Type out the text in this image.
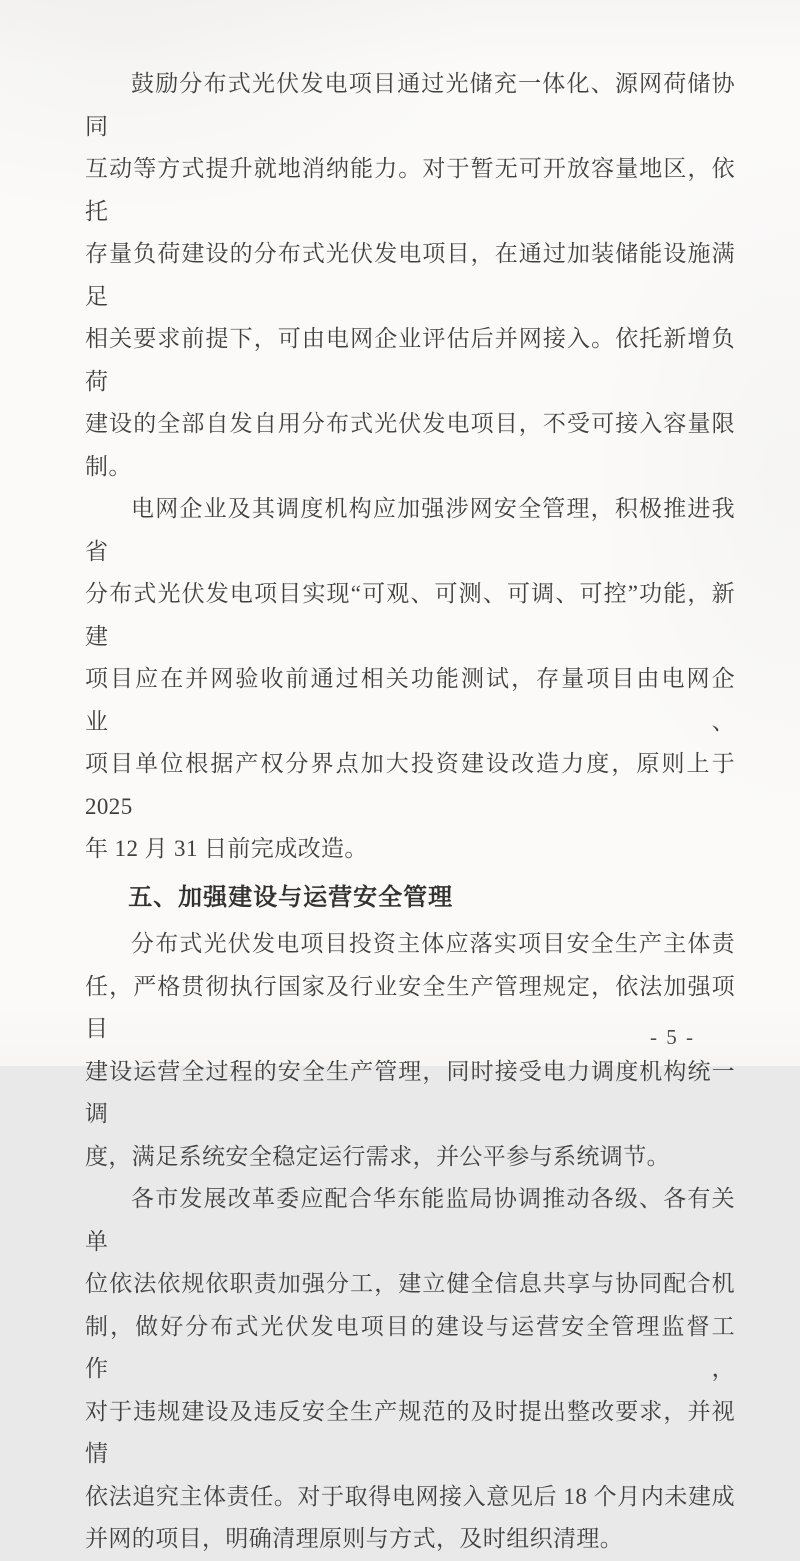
鼓励分布式光伏发电项目通过光储充一体化、源网荷储协同
互动等方式提升就地消纳能力。对于暂无可开放容量地区，依托
存量负荷建设的分布式光伏发电项目，在通过加装储能设施满足
相关要求前提下，可由电网企业评估后并网接入。依托新增负荷
建设的全部自发自用分布式光伏发电项目，不受可接入容量限
制。

电网企业及其调度机构应加强涉网安全管理，积极推进我省
分布式光伏发电项目实现“可观、可测、可调、可控”功能，新建
项目应在并网验收前通过相关功能测试，存量项目由电网企业、
项目单位根据产权分界点加大投资建设改造力度，原则上于 2025
年 12 月 31 日前完成改造。

五、加强建设与运营安全管理

分布式光伏发电项目投资主体应落实项目安全生产主体责
任，严格贯彻执行国家及行业安全生产管理规定，依法加强项目
建设运营全过程的安全生产管理，同时接受电力调度机构统一调
度，满足系统安全稳定运行需求，并公平参与系统调节。

各市发展改革委应配合华东能监局协调推动各级、各有关单
位依法依规依职责加强分工，建立健全信息共享与协同配合机
制，做好分布式光伏发电项目的建设与运营安全管理监督工作，
对于违规建设及违反安全生产规范的及时提出整改要求，并视情
依法追究主体责任。对于取得电网接入意见后 18 个月内未建成
并网的项目，明确清理原则与方式，及时组织清理。

- 5 -
